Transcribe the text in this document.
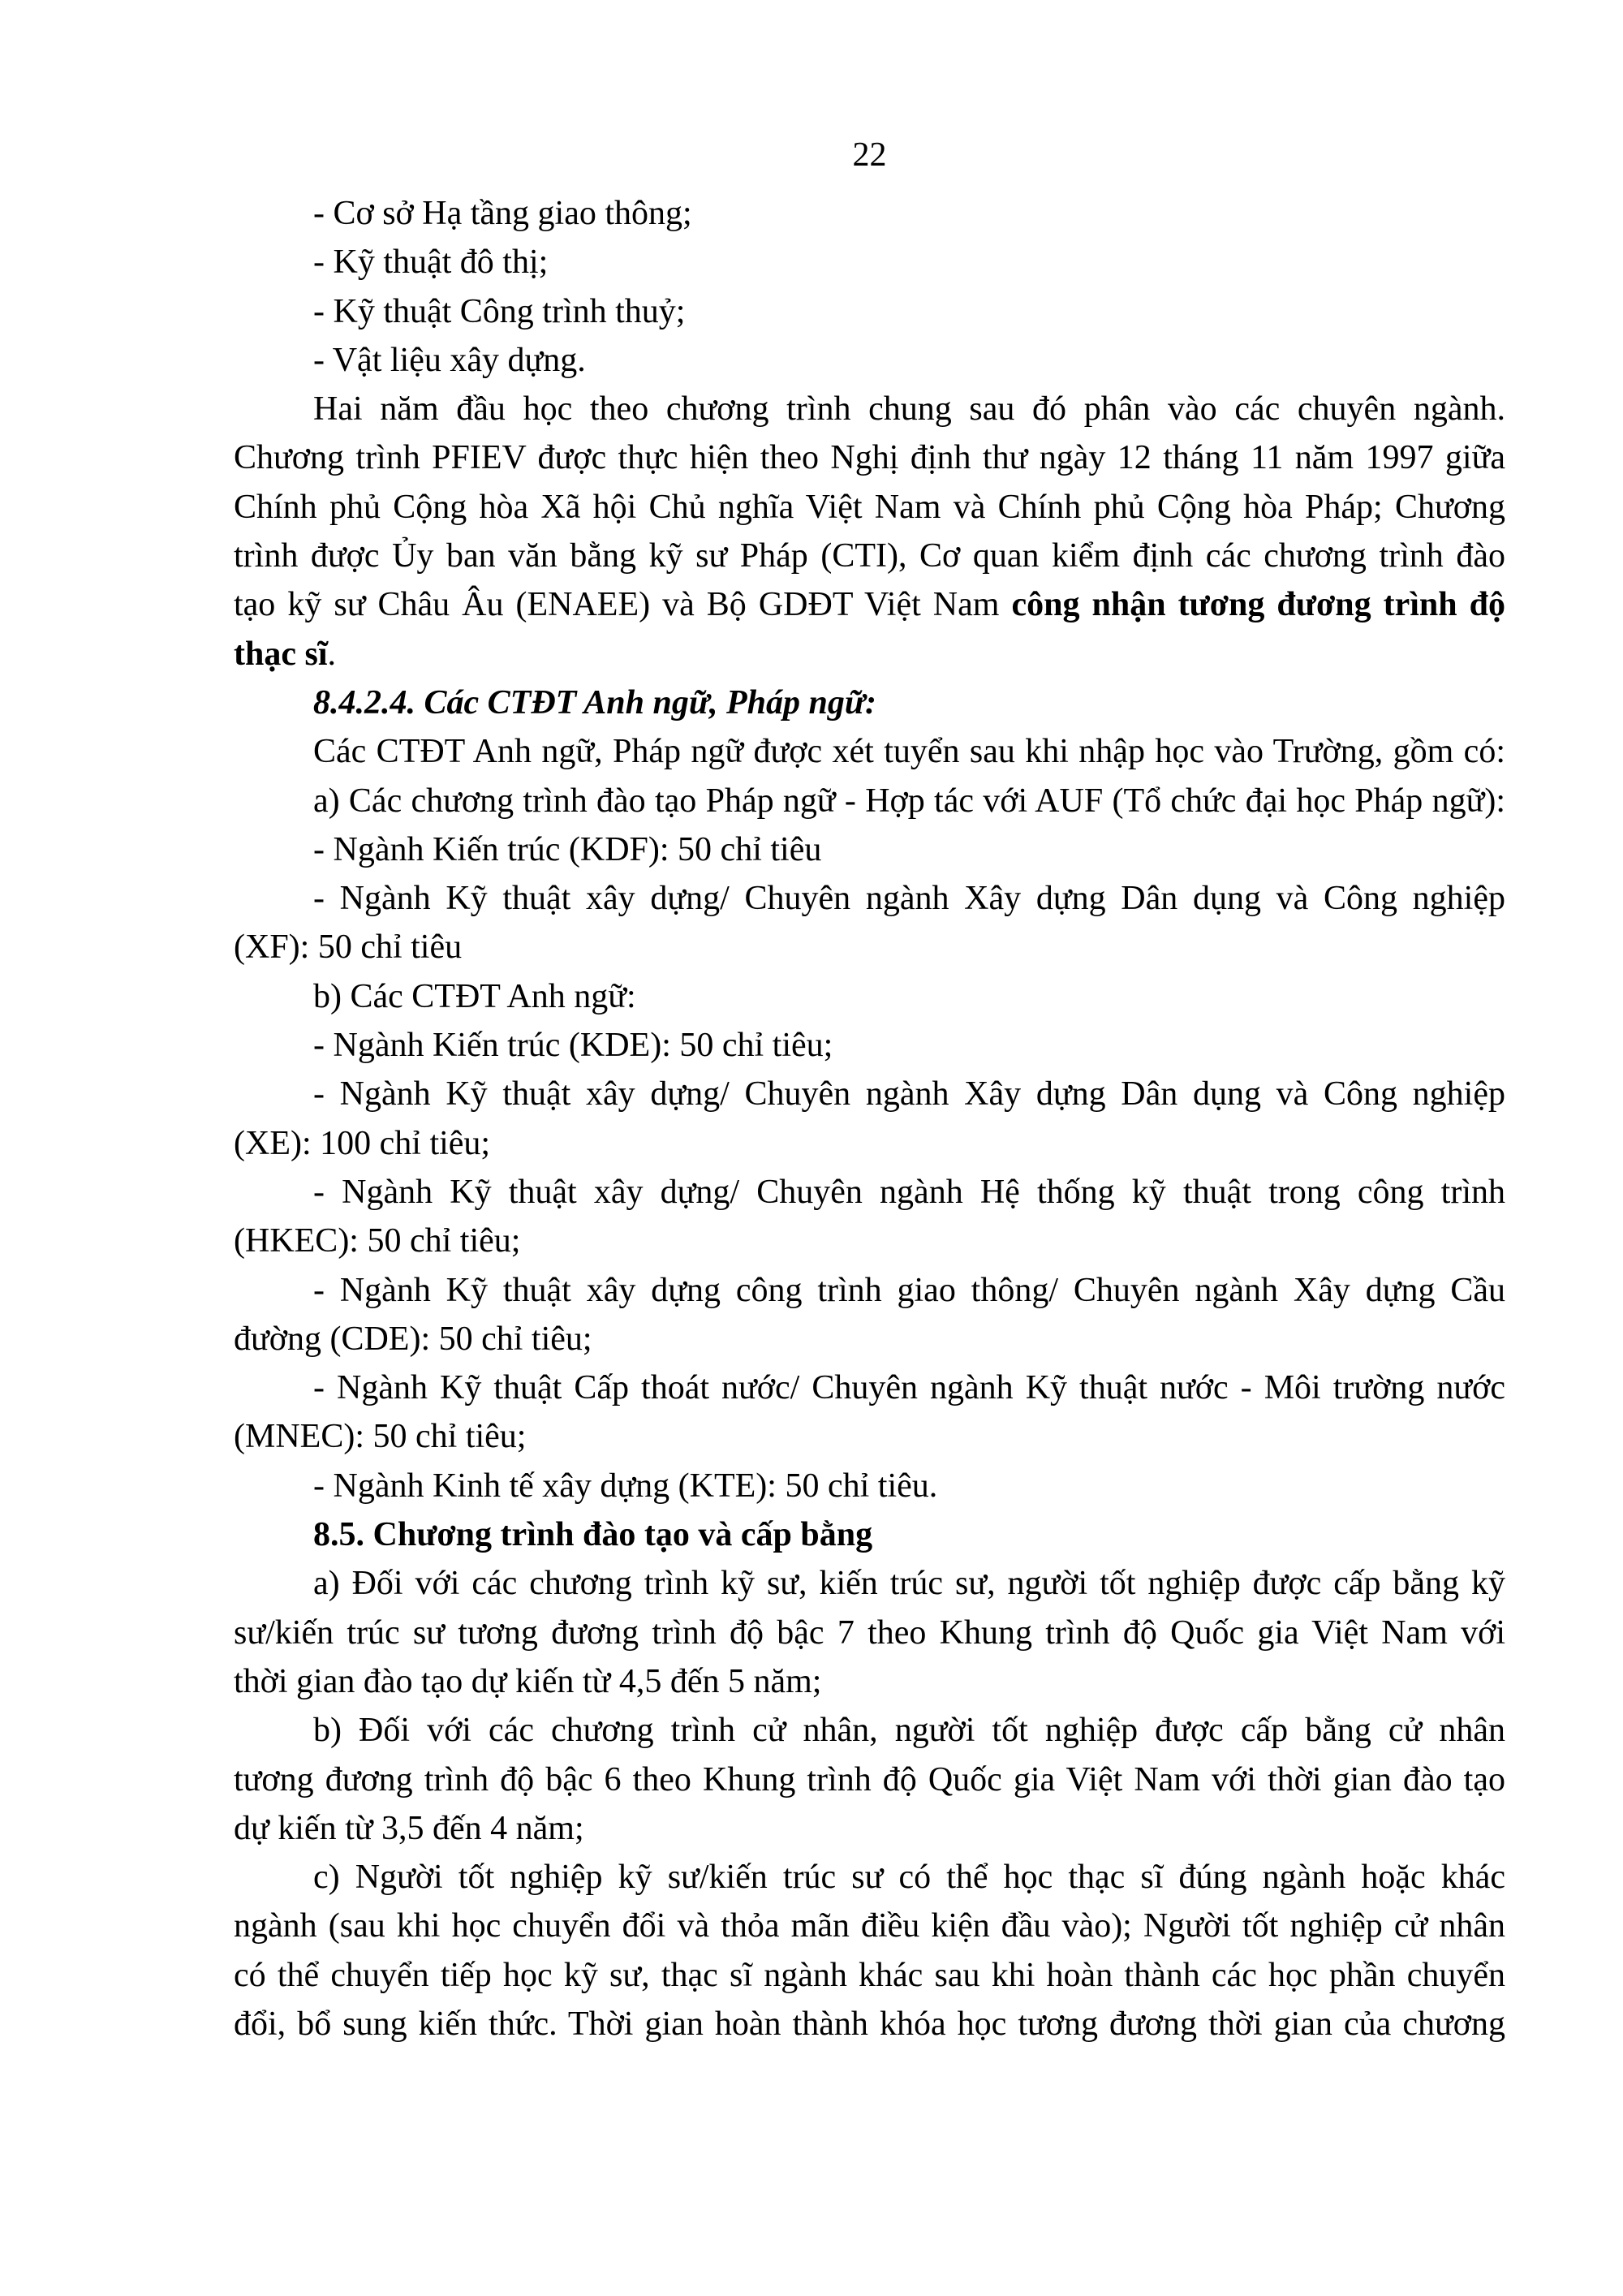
22
- Cơ sở Hạ tầng giao thông;
- Kỹ thuật đô thị;
- Kỹ thuật Công trình thuỷ;
- Vật liệu xây dựng.
Hai năm đầu học theo chương trình chung sau đó phân vào các chuyên ngành.
Chương trình PFIEV được thực hiện theo Nghị định thư ngày 12 tháng 11 năm 1997 giữa
Chính phủ Cộng hòa Xã hội Chủ nghĩa Việt Nam và Chính phủ Cộng hòa Pháp; Chương
trình được Ủy ban văn bằng kỹ sư Pháp (CTI), Cơ quan kiểm định các chương trình đào
tạo kỹ sư Châu Âu (ENAEE) và Bộ GDĐT Việt Nam công nhận tương đương trình độ
thạc sĩ.
8.4.2.4. Các CTĐT Anh ngữ, Pháp ngữ:
Các CTĐT Anh ngữ, Pháp ngữ được xét tuyển sau khi nhập học vào Trường, gồm có:
a) Các chương trình đào tạo Pháp ngữ - Hợp tác với AUF (Tổ chức đại học Pháp ngữ):
- Ngành Kiến trúc (KDF): 50 chỉ tiêu
- Ngành Kỹ thuật xây dựng/ Chuyên ngành Xây dựng Dân dụng và Công nghiệp
(XF): 50 chỉ tiêu
b) Các CTĐT Anh ngữ:
- Ngành Kiến trúc (KDE): 50 chỉ tiêu;
- Ngành Kỹ thuật xây dựng/ Chuyên ngành Xây dựng Dân dụng và Công nghiệp
(XE): 100 chỉ tiêu;
- Ngành Kỹ thuật xây dựng/ Chuyên ngành Hệ thống kỹ thuật trong công trình
(HKEC): 50 chỉ tiêu;
- Ngành Kỹ thuật xây dựng công trình giao thông/ Chuyên ngành Xây dựng Cầu
đường (CDE): 50 chỉ tiêu;
- Ngành Kỹ thuật Cấp thoát nước/ Chuyên ngành Kỹ thuật nước - Môi trường nước
(MNEC): 50 chỉ tiêu;
- Ngành Kinh tế xây dựng (KTE): 50 chỉ tiêu.
8.5. Chương trình đào tạo và cấp bằng
a) Đối với các chương trình kỹ sư, kiến trúc sư, người tốt nghiệp được cấp bằng kỹ
sư/kiến trúc sư tương đương trình độ bậc 7 theo Khung trình độ Quốc gia Việt Nam với
thời gian đào tạo dự kiến từ 4,5 đến 5 năm;
b) Đối với các chương trình cử nhân, người tốt nghiệp được cấp bằng cử nhân
tương đương trình độ bậc 6 theo Khung trình độ Quốc gia Việt Nam với thời gian đào tạo
dự kiến từ 3,5 đến 4 năm;
c) Người tốt nghiệp kỹ sư/kiến trúc sư có thể học thạc sĩ đúng ngành hoặc khác
ngành (sau khi học chuyển đổi và thỏa mãn điều kiện đầu vào); Người tốt nghiệp cử nhân
có thể chuyển tiếp học kỹ sư, thạc sĩ ngành khác sau khi hoàn thành các học phần chuyển
đổi, bổ sung kiến thức. Thời gian hoàn thành khóa học tương đương thời gian của chương
